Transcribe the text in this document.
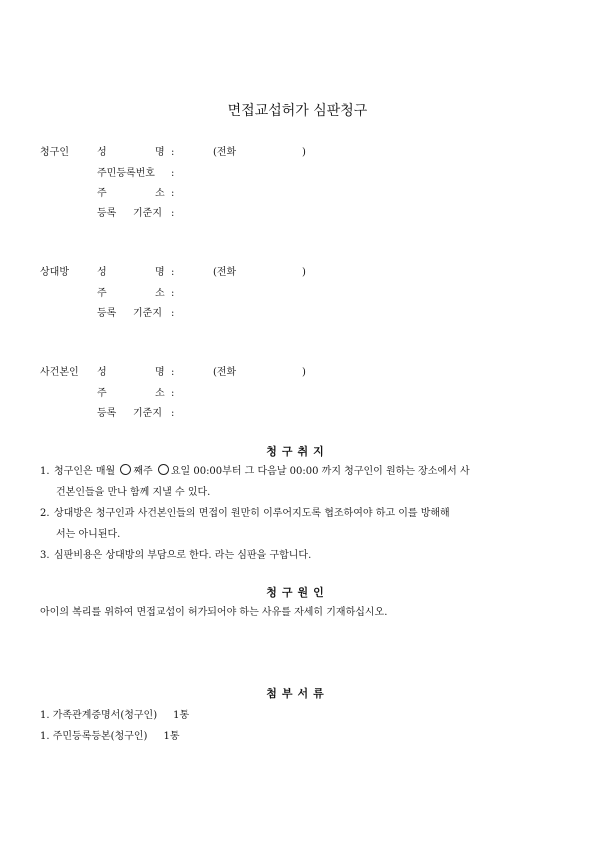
면접교섭허가 심판청구
청구인	성	명 :	(전화	)
주민등록번호 :
주	소 :
등록 기준지 :
상대방	성	명 :	(전화	)
주	소 :
등록 기준지 :
사건본인 성	명 :	(전화	)
주	소 :
등록 기준지 :
청구취지
1. 청구인은 매월 째주 요일 00:00부터 그 다음날 00:00 까지 청구인이 원하는 장소에서 사
건본인들을 만나 함께 지낼 수 있다.
2. 상대방은 청구인과 사건본인들의 면접이 원만히 이루어지도록 협조하여야 하고 이를 방해해
서는 아니된다.
3. 심판비용은 상대방의 부담으로 한다. 라는 심판을 구합니다.
청구원인
아이의 복리를 위하여 면접교섭이 허가되어야 하는 사유를 자세히 기재하십시오.
첨부서류
1. 가족관계증명서(청구인) 1통
1. 주민등록등본(청구인) 1통
